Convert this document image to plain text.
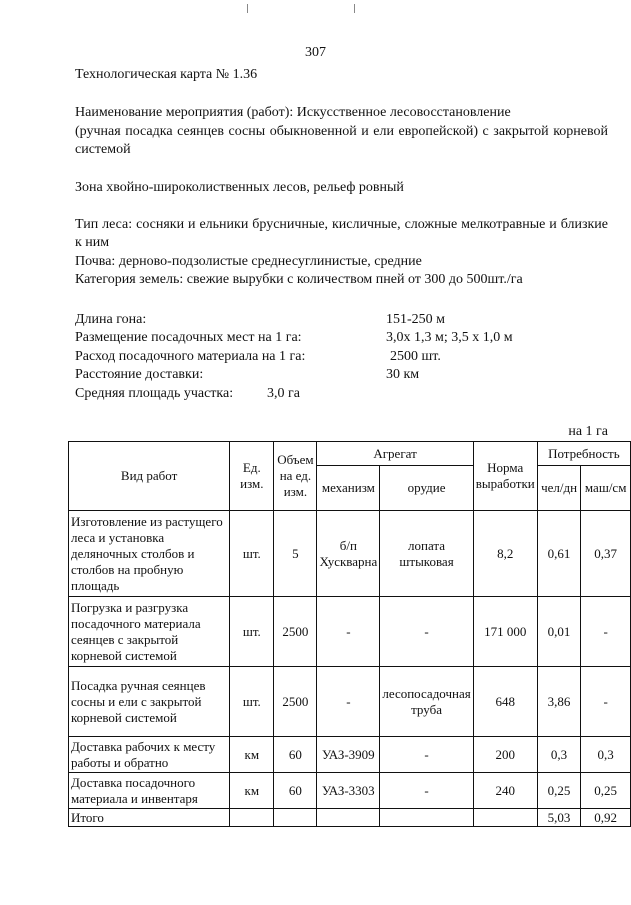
307
Технологическая карта № 1.36
Наименование мероприятия (работ): Искусственное лесовосстановление
(ручная посадка сеянцев сосны обыкновенной и ели европейской) с закрытой корневой системой
Зона хвойно-широколиственных лесов, рельеф ровный
Тип леса: сосняки и ельники брусничные, кисличные, сложные мелкотравные и близкие к ним
Почва: дерново-подзолистые среднесуглинистые, средние
Категория земель: свежие вырубки с количеством пней от 300 до 500шт./га
Длина гона:	151-250 м
Размещение посадочных мест на 1 га:	3,0х 1,3 м; 3,5 х 1,0 м
Расход посадочного материала на 1 га:	2500 шт.
Расстояние доставки:	30 км
Средняя площадь участка: 3,0 га
на 1 га
Вид работ	Ед. изм.	Объем на ед. изм.	Агрегат		Норма выработки	Потребность	
			механизм	орудие		чел/дн	маш/см
Изготовление из растущего леса и установка деляночных столбов и столбов на пробную площадь	шт.	5	б/п Хускварна	лопата штыковая	8,2	0,61	0,37
Погрузка и разгрузка посадочного материала сеянцев с закрытой корневой системой	шт.	2500	-	-	171 000	0,01	-
Посадка ручная сеянцев сосны и ели с закрытой корневой системой	шт.	2500	-	лесопосадочная труба	648	3,86	-
Доставка рабочих к месту работы и обратно	км	60	УАЗ-3909	-	200	0,3	0,3
Доставка посадочного материала и инвентаря	км	60	УАЗ-3303	-	240	0,25	0,25
Итого						5,03	0,92
